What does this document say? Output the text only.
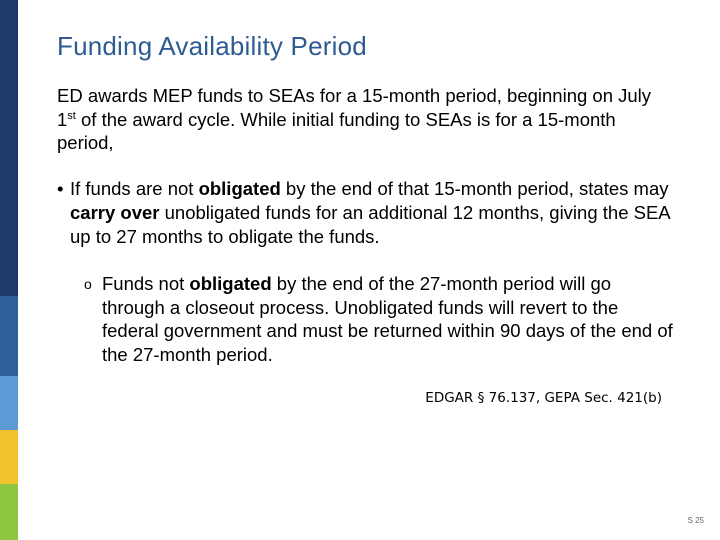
Funding Availability Period

ED awards MEP funds to SEAs for a 15-month period, beginning on July 1st of the award cycle. While initial funding to SEAs is for a 15-month period,

• If funds are not obligated by the end of that 15-month period, states may carry over unobligated funds for an additional 12 months, giving the SEA up to 27 months to obligate the funds.
o Funds not obligated by the end of the 27-month period will go through a closeout process. Unobligated funds will revert to the federal government and must be returned within 90 days of the end of the 27-month period.

EDGAR § 76.137, GEPA Sec. 421(b)

S 25
